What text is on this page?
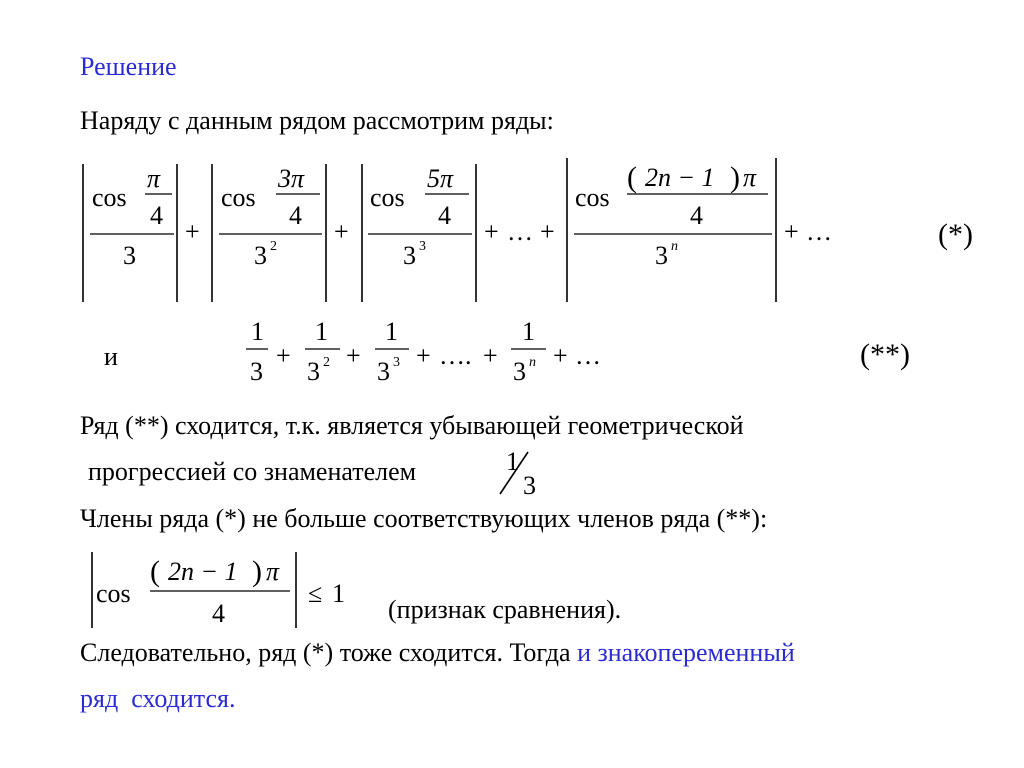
Решение
Наряду с данным рядом рассмотрим ряды:
cos
π
4
3
+
cos
3π
4
3 2
+
cos
5π
4
3 3
+ … +
cos
( 2n − 1 ) π
4
3 n
+ …	(*)
и
1
3
+
1
3 2 +
1
3 3 + …. +
1
3 n + …	(**)
Ряд (**) сходится, т.к. является убывающей геометрической
прогрессией со знаменателем	1
3
Члены ряда (*) не больше соответствующих членов ряда (**):
cos
( 2n − 1 ) π
4
≤ 1
(признак сравнения).
Следовательно, ряд (*) тоже сходится. Тогда и знакопеременный
ряд  сходится.
